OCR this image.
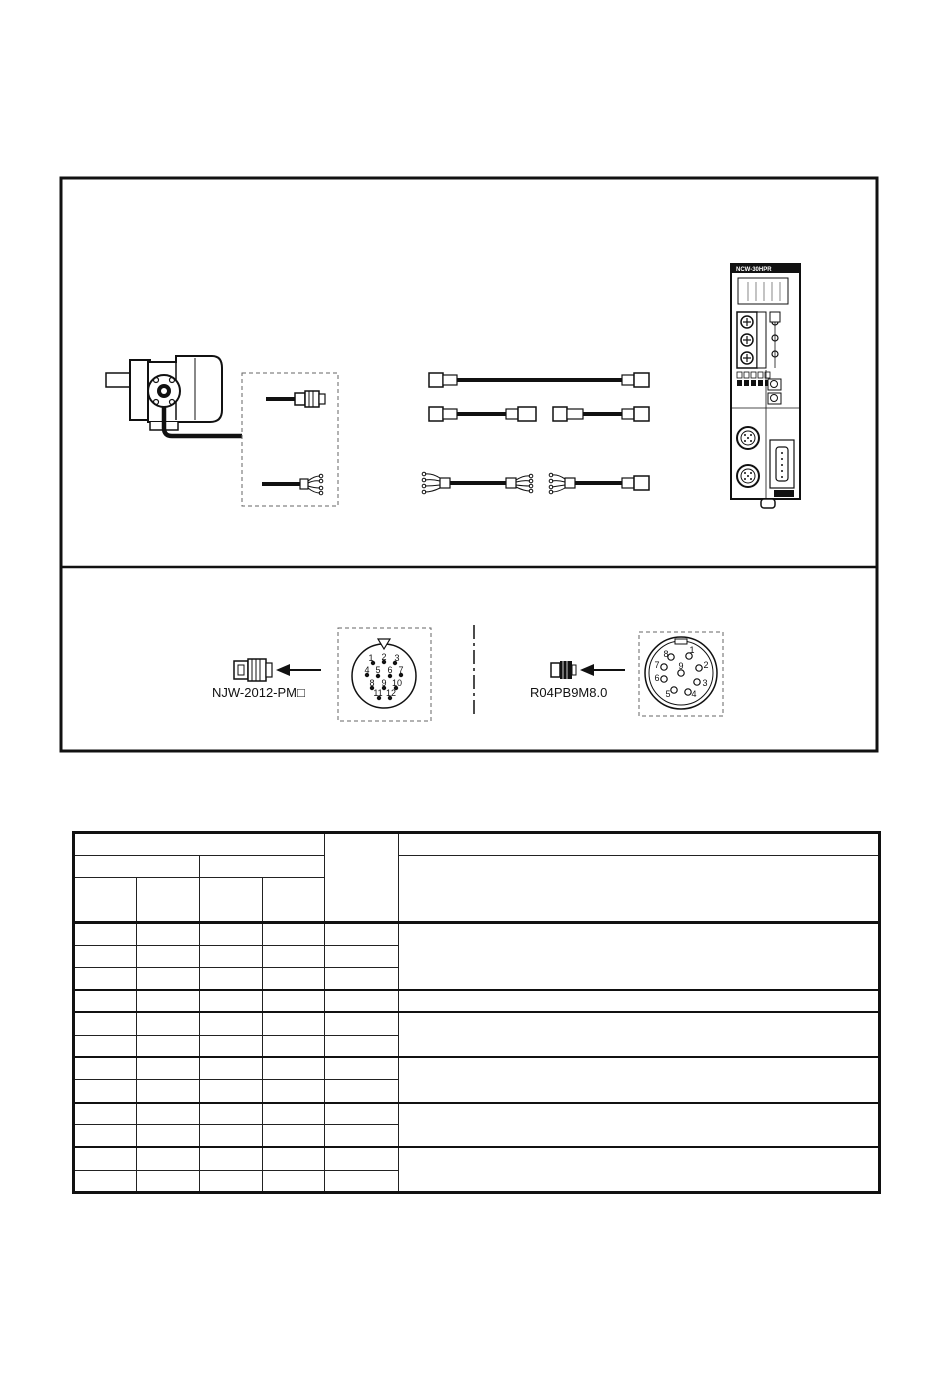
NCW-30HPR
1 2 3
4 5 6 7
8 9 10
11 12
1
2
3
4
5
6
7
8
9
NJW-2012-PM□	R04PB9M8.0
